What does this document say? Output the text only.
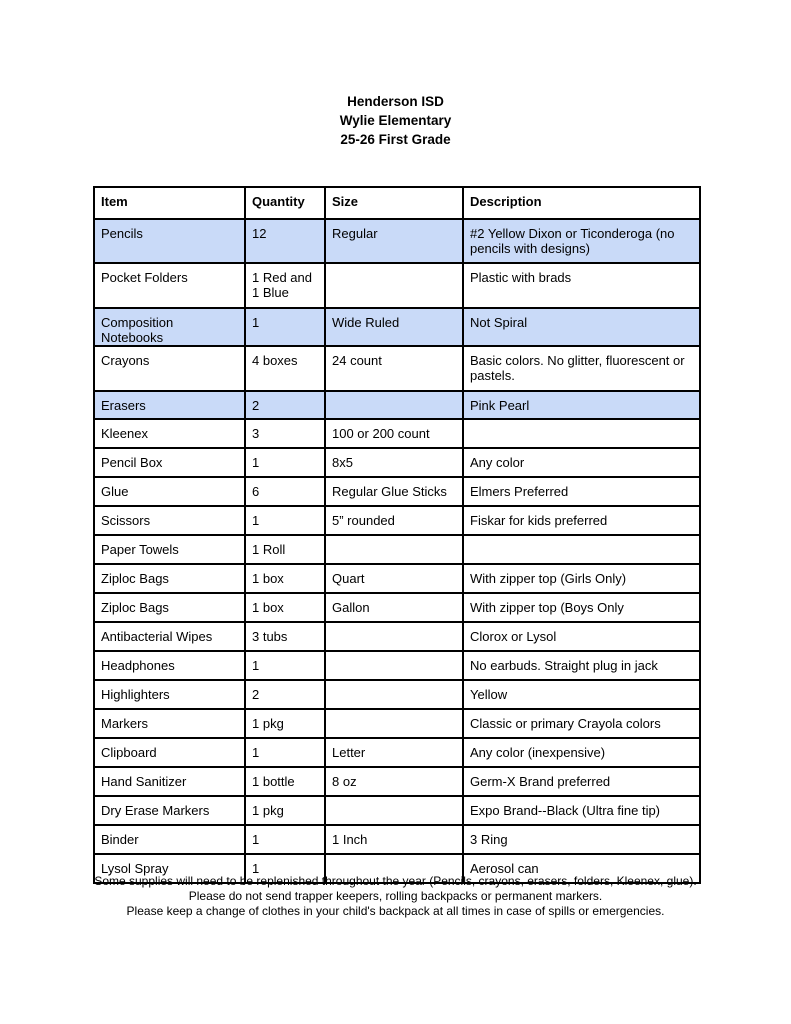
Henderson ISD
Wylie Elementary
25-26 First Grade
Item	Quantity	Size	Description
Pencils	12	Regular	#2 Yellow Dixon or Ticonderoga (no pencils with designs)
Pocket Folders	1 Red and 1 Blue		Plastic with brads
Composition Notebooks	1	Wide Ruled	Not Spiral
Crayons	4 boxes	24 count	Basic colors. No glitter, fluorescent or pastels.
Erasers	2		Pink Pearl
Kleenex	3	100 or 200 count	
Pencil Box	1	8x5	Any color
Glue	6	Regular Glue Sticks	Elmers Preferred
Scissors	1	5” rounded	Fiskar for kids preferred
Paper Towels	1 Roll		
Ziploc Bags	1 box	Quart	With zipper top (Girls Only)
Ziploc Bags	1 box	Gallon	With zipper top (Boys Only
Antibacterial Wipes	3 tubs		Clorox or Lysol
Headphones	1		No earbuds. Straight plug in jack
Highlighters	2		Yellow
Markers	1 pkg		Classic or primary Crayola colors
Clipboard	1	Letter	Any color (inexpensive)
Hand Sanitizer	1 bottle	8 oz	Germ-X Brand preferred
Dry Erase Markers	1 pkg		Expo Brand--Black (Ultra fine tip)
Binder	1	1 Inch	3 Ring
Lysol Spray	1		Aerosol can
Some supplies will need to be replenished throughout the year (Pencils, crayons, erasers, folders, Kleenex, glue).
Please do not send trapper keepers, rolling backpacks or permanent markers.
Please keep a change of clothes in your child's backpack at all times in case of spills or emergencies.
